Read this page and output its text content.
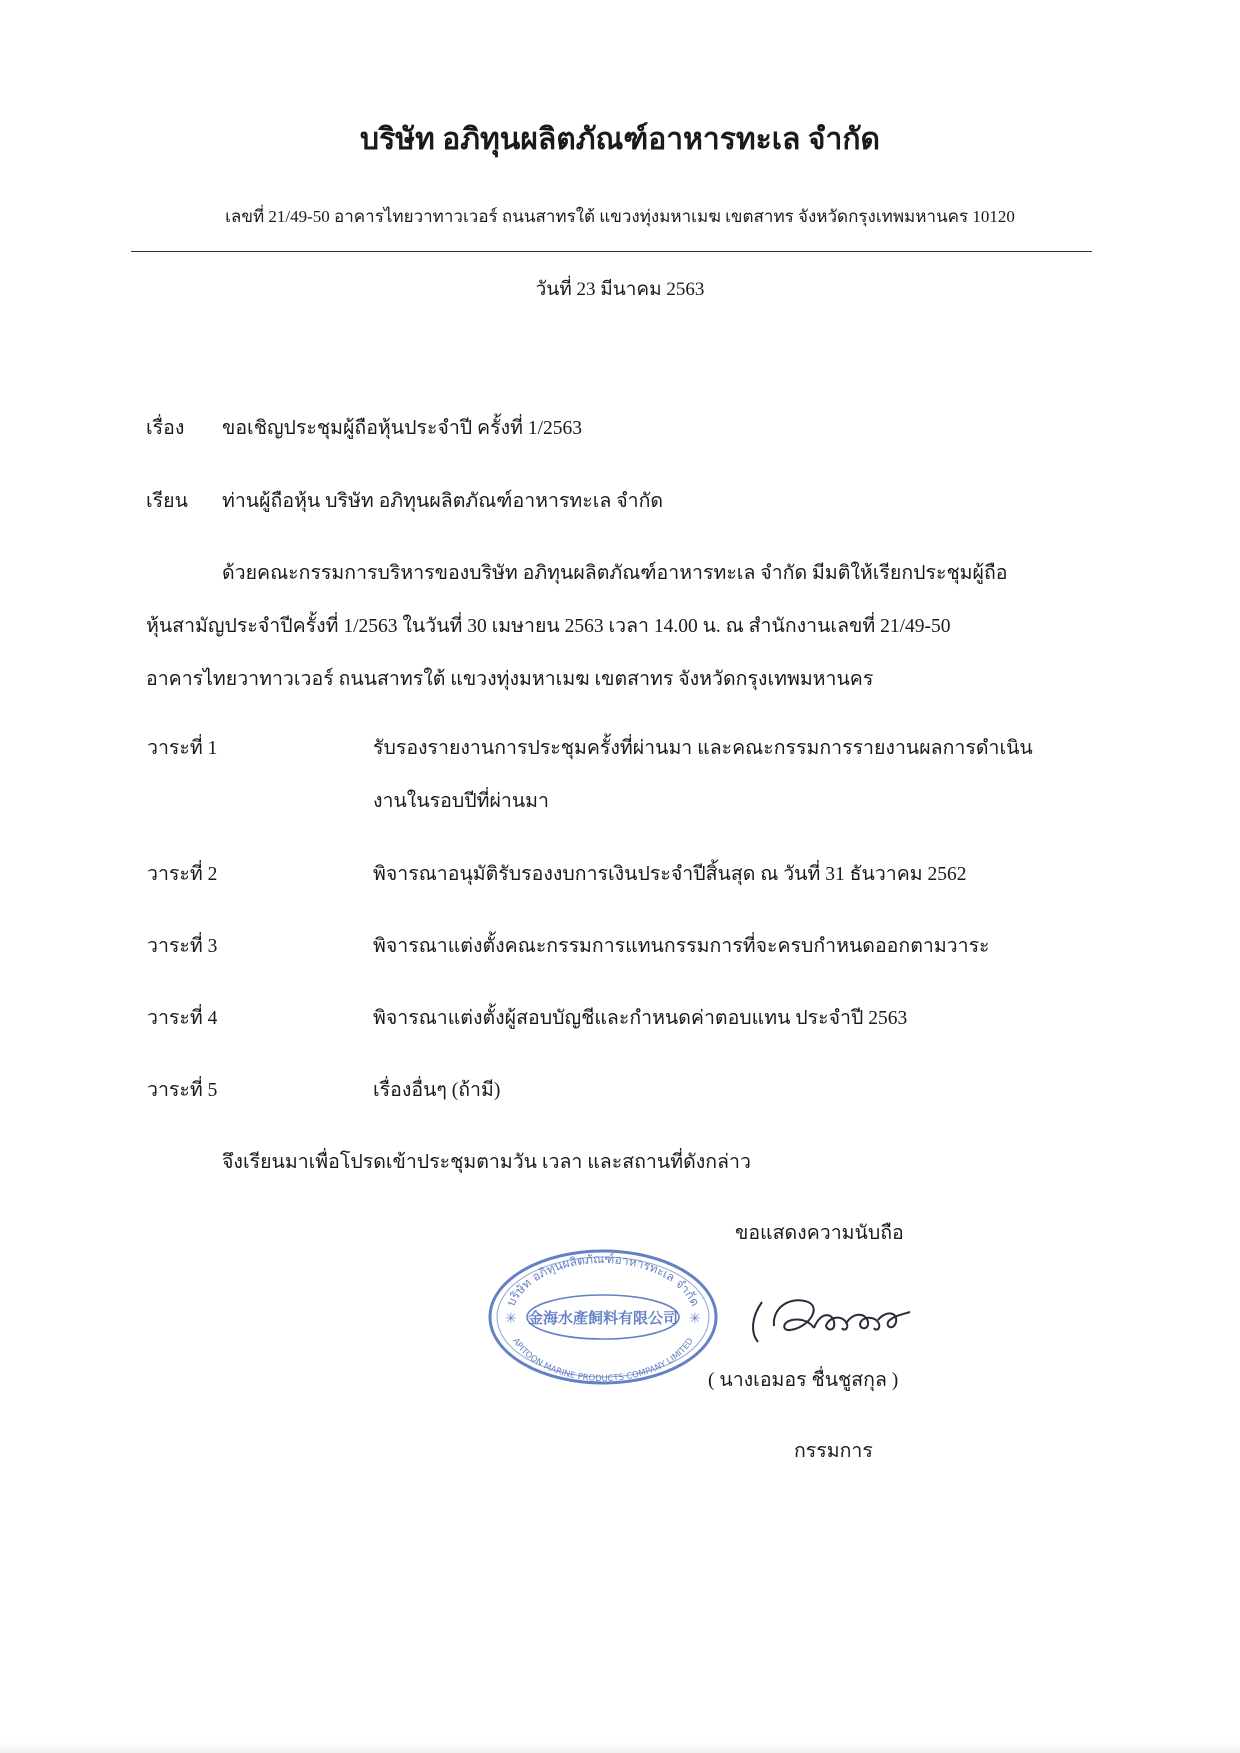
บริษัท อภิทุนผลิตภัณฑ์อาหารทะเล จำกัด
เลขที่ 21/49-50 อาคารไทยวาทาวเวอร์ ถนนสาทรใต้ แขวงทุ่งมหาเมฆ เขตสาทร จังหวัดกรุงเทพมหานคร 10120
วันที่ 23 มีนาคม 2563
เรื่อง ขอเชิญประชุมผู้ถือหุ้นประจำปี ครั้งที่ 1/2563
เรียน ท่านผู้ถือหุ้น บริษัท อภิทุนผลิตภัณฑ์อาหารทะเล จำกัด
ด้วยคณะกรรมการบริหารของบริษัท อภิทุนผลิตภัณฑ์อาหารทะเล จำกัด มีมติให้เรียกประชุมผู้ถือ
หุ้นสามัญประจำปีครั้งที่ 1/2563 ในวันที่ 30 เมษายน 2563 เวลา 14.00 น. ณ สำนักงานเลขที่ 21/49-50
อาคารไทยวาทาวเวอร์ ถนนสาทรใต้ แขวงทุ่งมหาเมฆ เขตสาทร จังหวัดกรุงเทพมหานคร
วาระที่ 1	รับรองรายงานการประชุมครั้งที่ผ่านมา และคณะกรรมการรายงานผลการดำเนิน
งานในรอบปีที่ผ่านมา
วาระที่ 2	พิจารณาอนุมัติรับรองงบการเงินประจำปีสิ้นสุด ณ วันที่ 31 ธันวาคม 2562
วาระที่ 3	พิจารณาแต่งตั้งคณะกรรมการแทนกรรมการที่จะครบกำหนดออกตามวาระ
วาระที่ 4	พิจารณาแต่งตั้งผู้สอบบัญชีและกำหนดค่าตอบแทน ประจำปี 2563
วาระที่ 5	เรื่องอื่นๆ (ถ้ามี)
จึงเรียนมาเพื่อโปรดเข้าประชุมตามวัน เวลา และสถานที่ดังกล่าว
ขอแสดงความนับถือ
บริษัท อภิทุนผลิตภัณฑ์อาหารทะเล จำกัด
金海水產飼料有限公司
APITOON MARINE PRODUCTS COMPANY LIMITED
✳	✳
( นางเอมอร ชื่นชูสกุล )
กรรมการ
